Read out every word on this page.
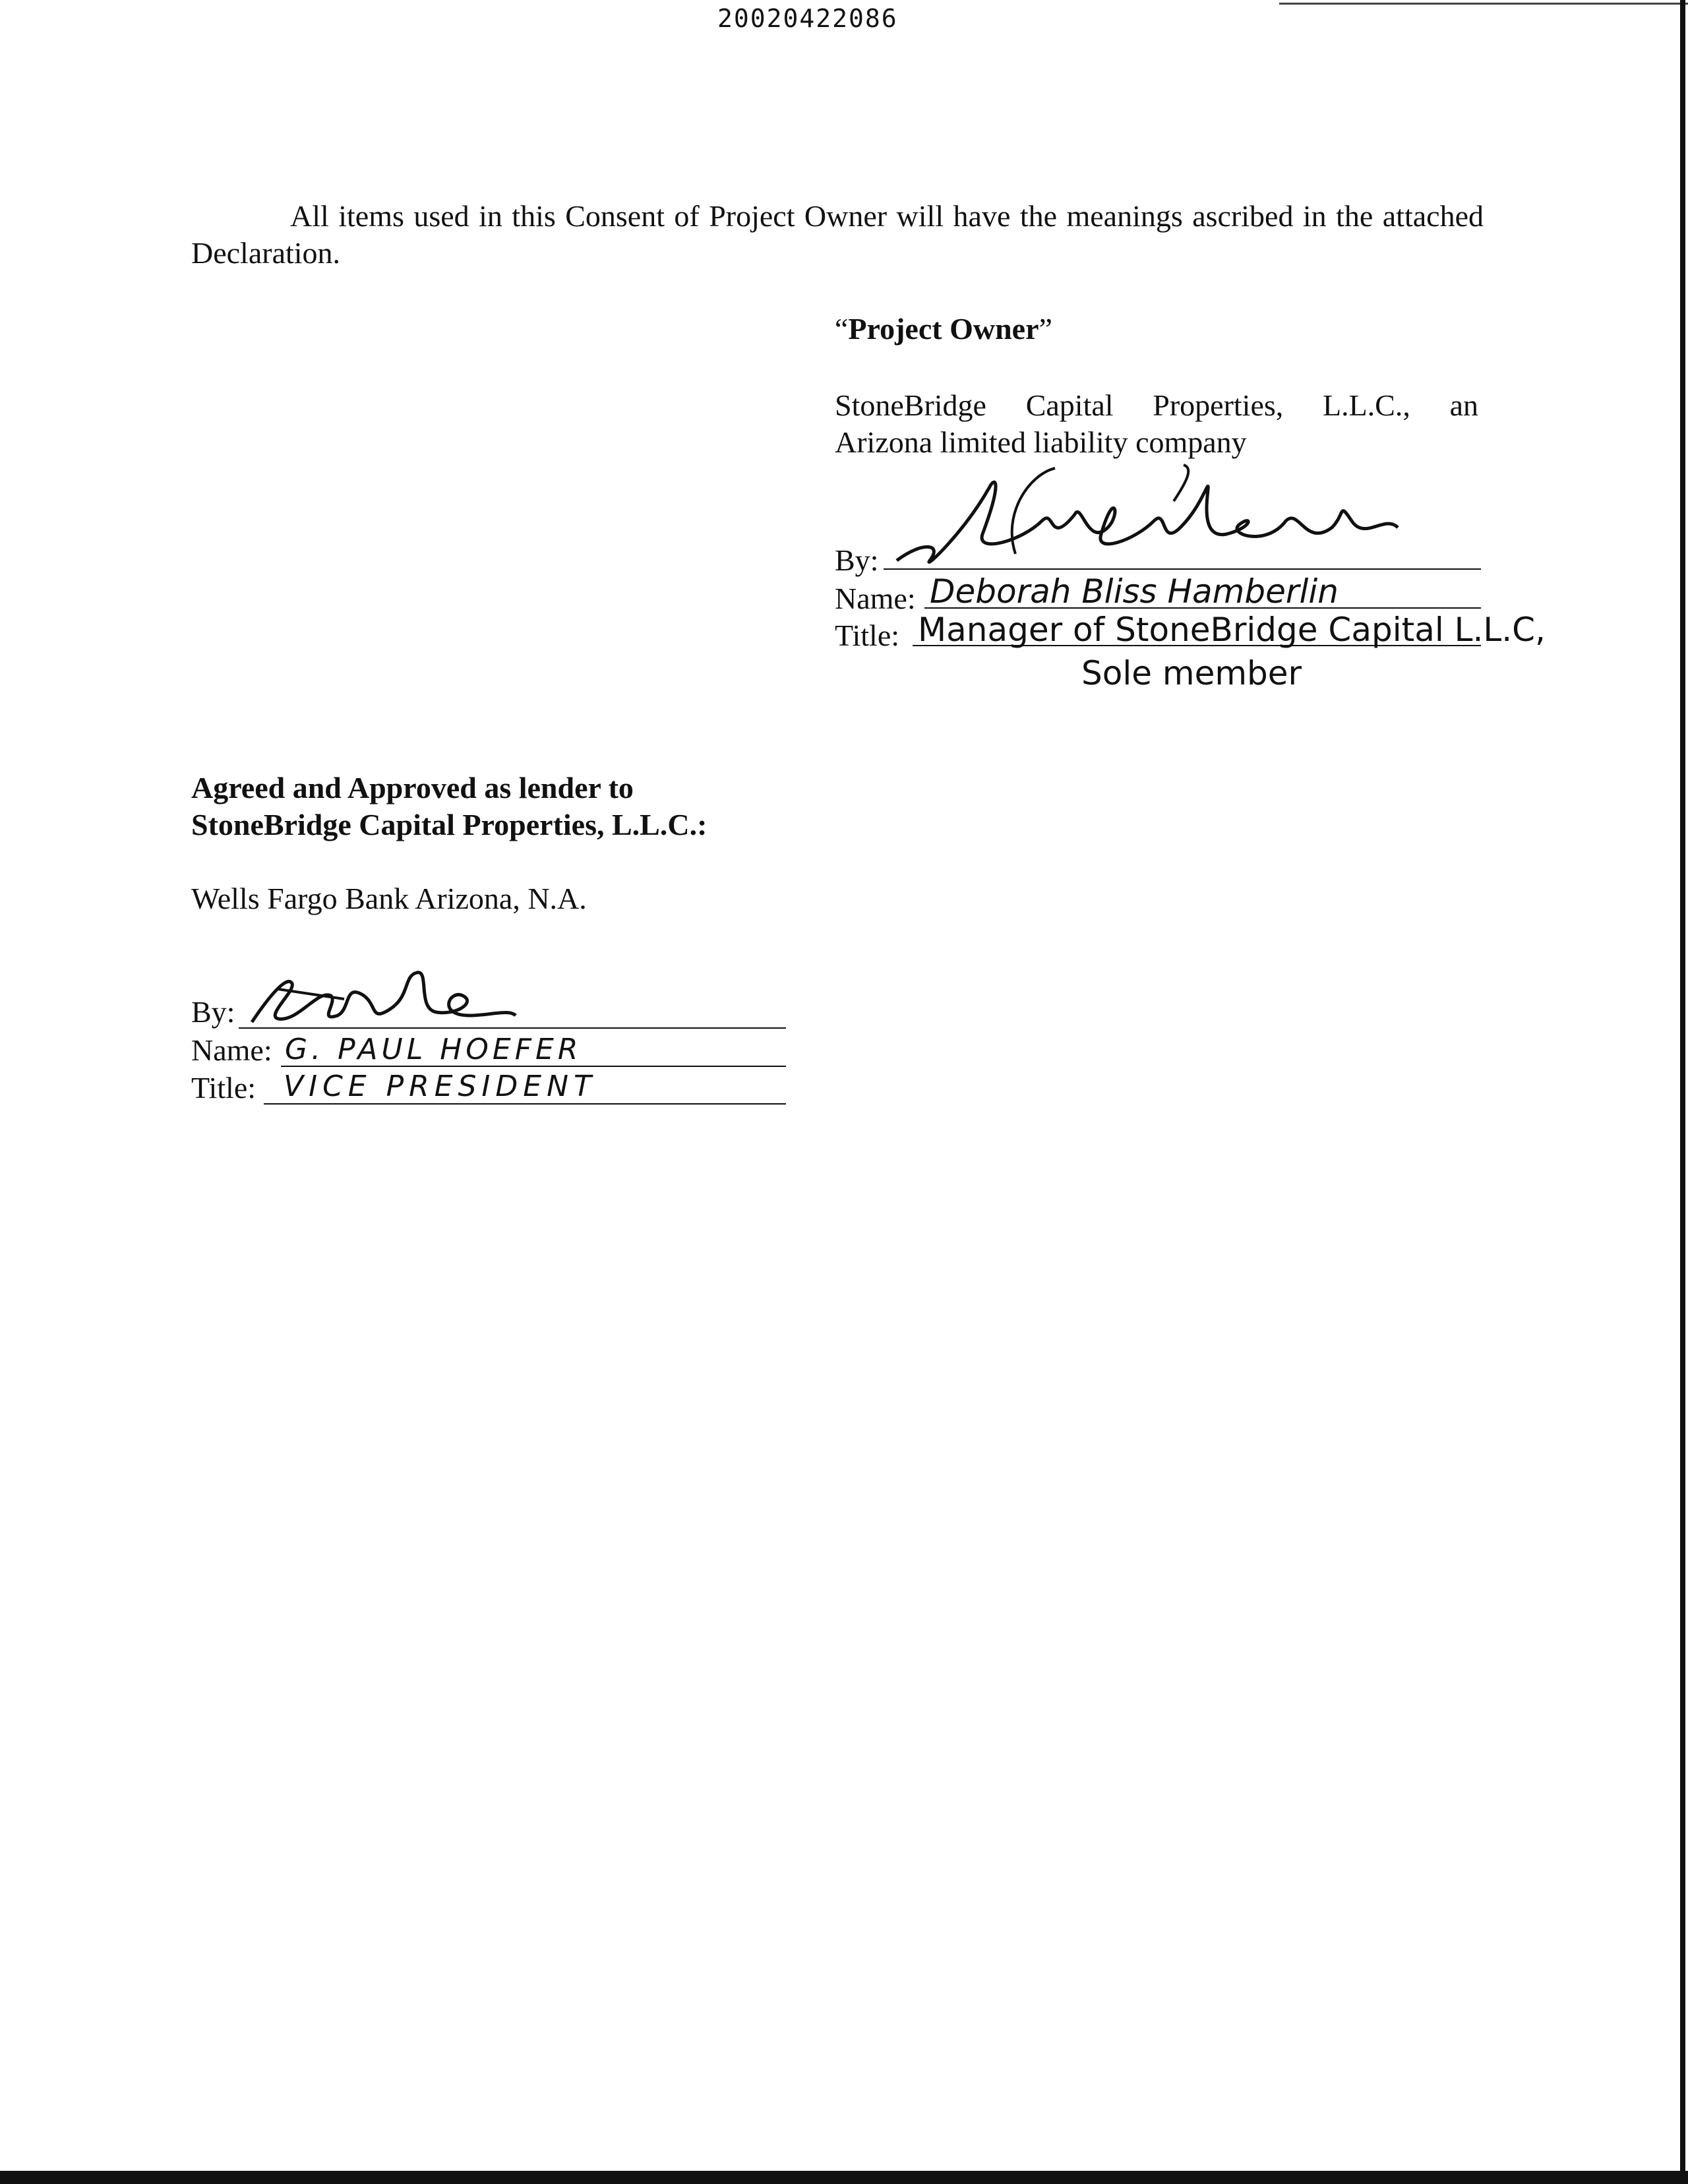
20020422086
All items used in this Consent of Project Owner will have the meanings ascribed in the attached Declaration.
“Project Owner”
StoneBridge Capital Properties, L.L.C., an
Arizona limited liability company
By:
Name: Deborah Bliss Hamberlin
Title: Manager of StoneBridge Capital L.L.C,
Sole member
Agreed and Approved as lender to
StoneBridge Capital Properties, L.L.C.:
Wells Fargo Bank Arizona, N.A.
By:
Name: G. PAUL HOEFER
Title: VICE PRESIDENT
